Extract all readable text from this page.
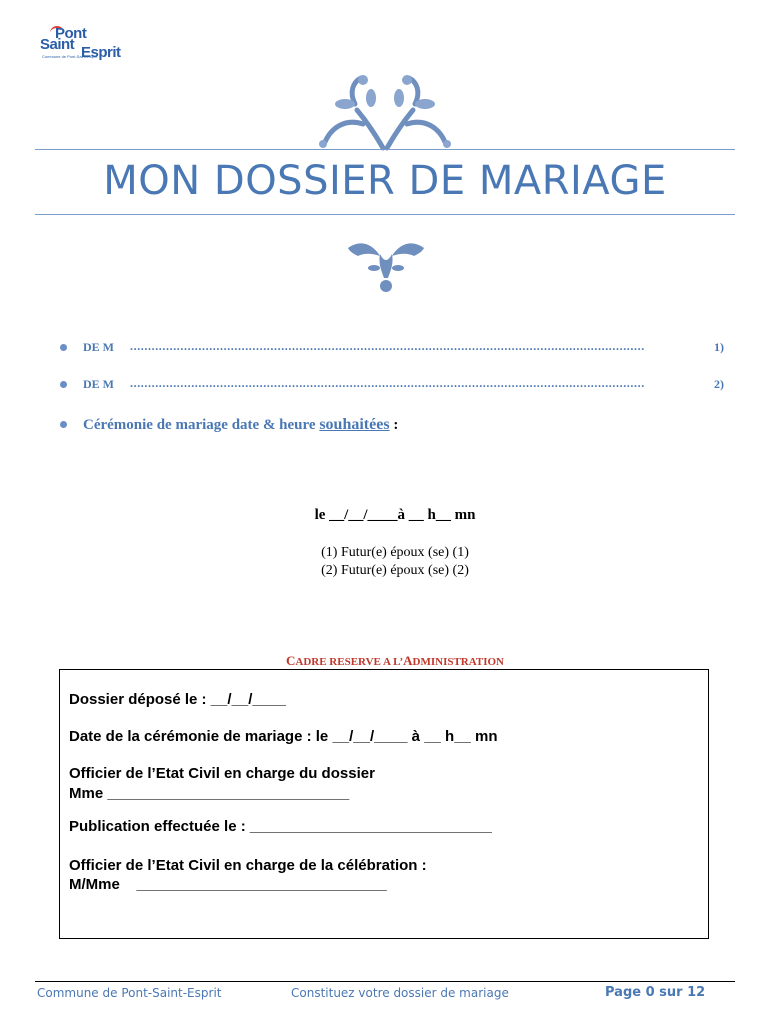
Pont
Saint Esprit
Commune de Pont-Saint-Esprit
MON DOSSIER DE MARIAGE
DE M ...............................................................................................................................................	1)
DE M ...............................................................................................................................................	2)
Cérémonie de mariage date & heure souhaitées :
le __/__/____à __ h__ mn
(1) Futur(e) époux (se) (1)
(2) Futur(e) époux (se) (2)
CADRE RESERVE A L’ADMINISTRATION
Dossier déposé le : __/__/____
Date de la cérémonie de mariage : le __/__/____ à __ h__ mn
Officier de l’Etat Civil en charge du dossier
Mme _____________________________
Publication effectuée le : _____________________________
Officier de l’Etat Civil en charge de la célébration :
M/Mme    ______________________________
Commune de Pont-Saint-Esprit	Constituez votre dossier de mariage	Page 0 sur 12
